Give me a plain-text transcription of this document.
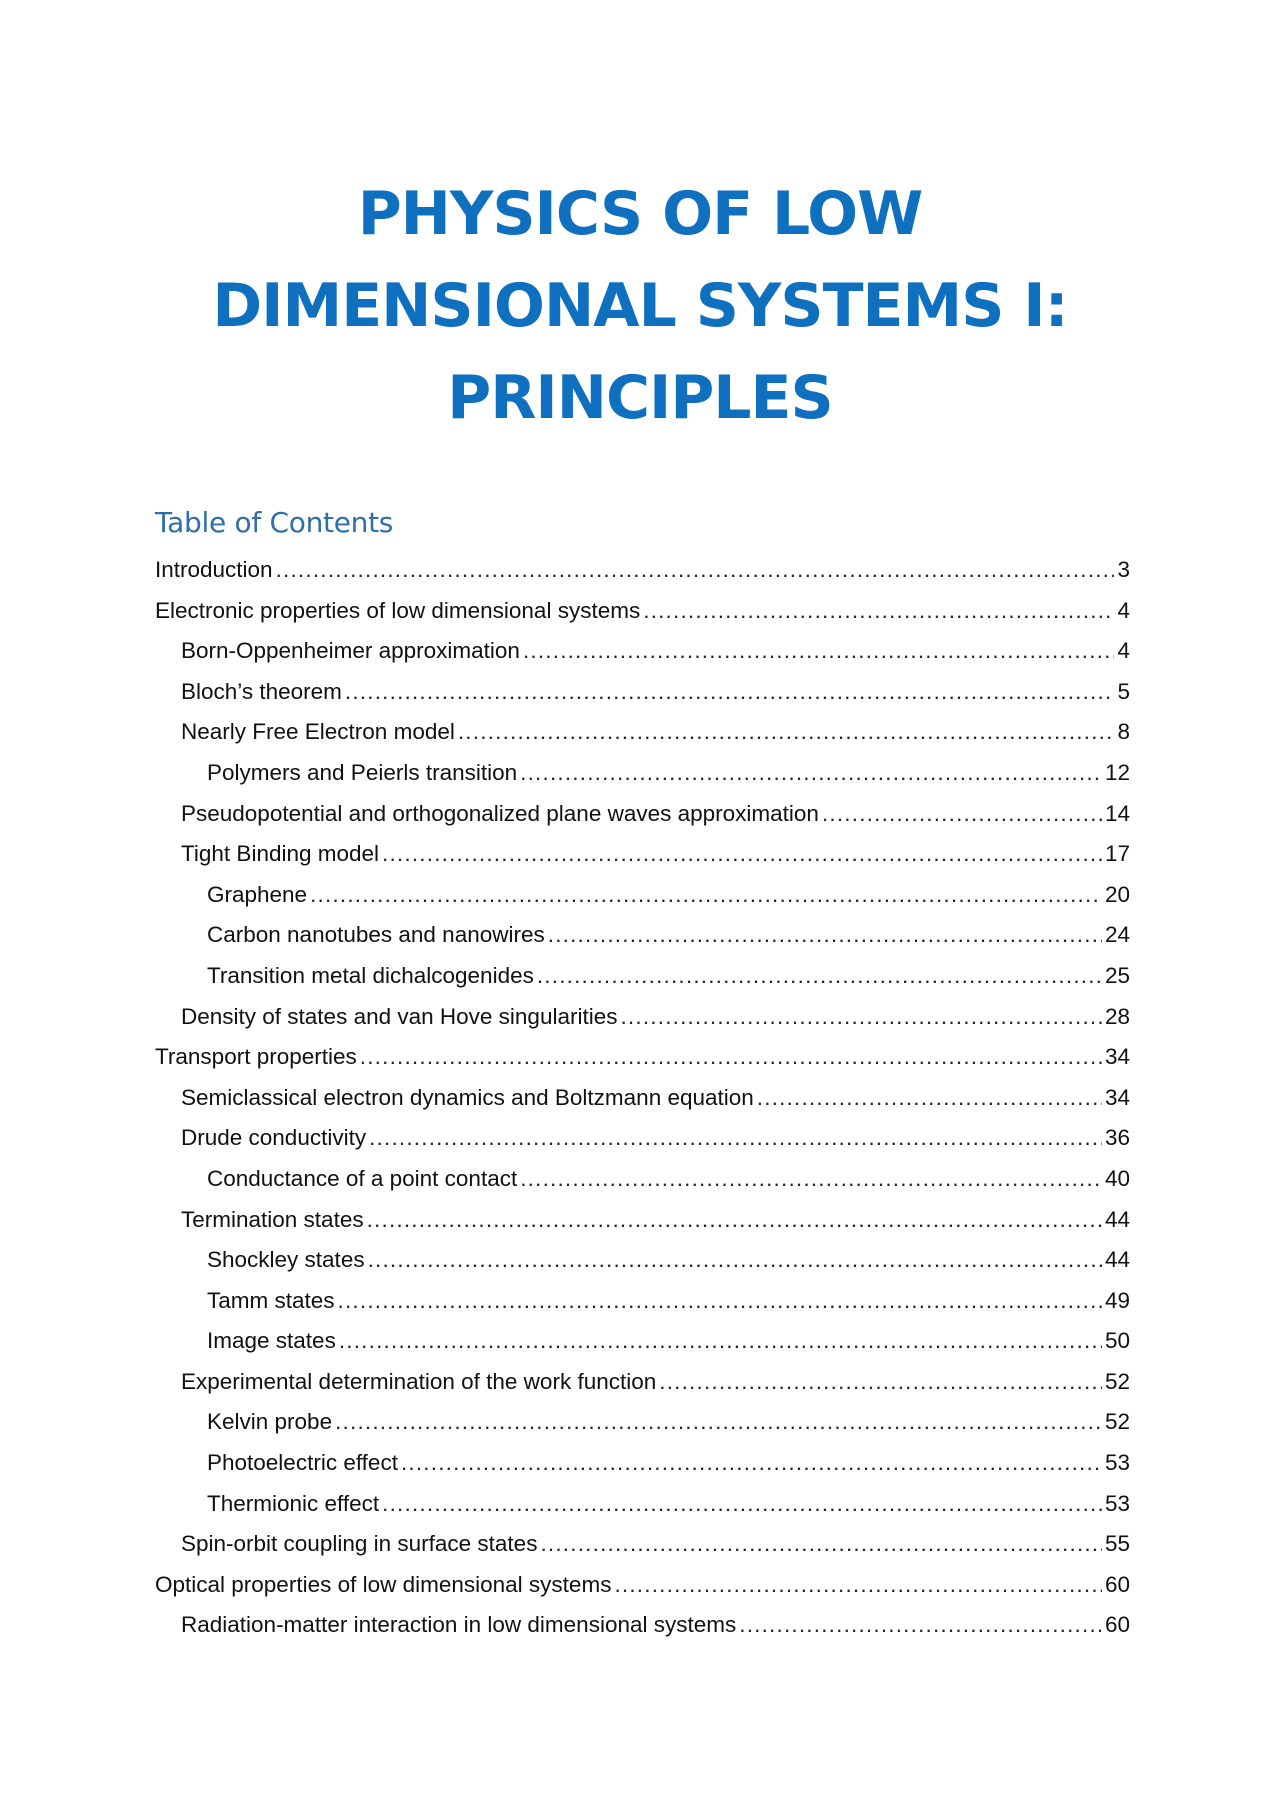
PHYSICS OF LOW
DIMENSIONAL SYSTEMS I:
PRINCIPLES
Table of Contents
Introduction .....	3
Electronic properties of low dimensional systems .....	4
Born-Oppenheimer approximation .....	4
Bloch’s theorem .....	5
Nearly Free Electron model .....	8
Polymers and Peierls transition .....	12
Pseudopotential and orthogonalized plane waves approximation .....	14
Tight Binding model .....	17
Graphene .....	20
Carbon nanotubes and nanowires .....	24
Transition metal dichalcogenides .....	25
Density of states and van Hove singularities .....	28
Transport properties .....	34
Semiclassical electron dynamics and Boltzmann equation .....	34
Drude conductivity .....	36
Conductance of a point contact .....	40
Termination states .....	44
Shockley states .....	44
Tamm states .....	49
Image states .....	50
Experimental determination of the work function .....	52
Kelvin probe .....	52
Photoelectric effect .....	53
Thermionic effect .....	53
Spin-orbit coupling in surface states .....	55
Optical properties of low dimensional systems .....	60
Radiation-matter interaction in low dimensional systems .....	60
